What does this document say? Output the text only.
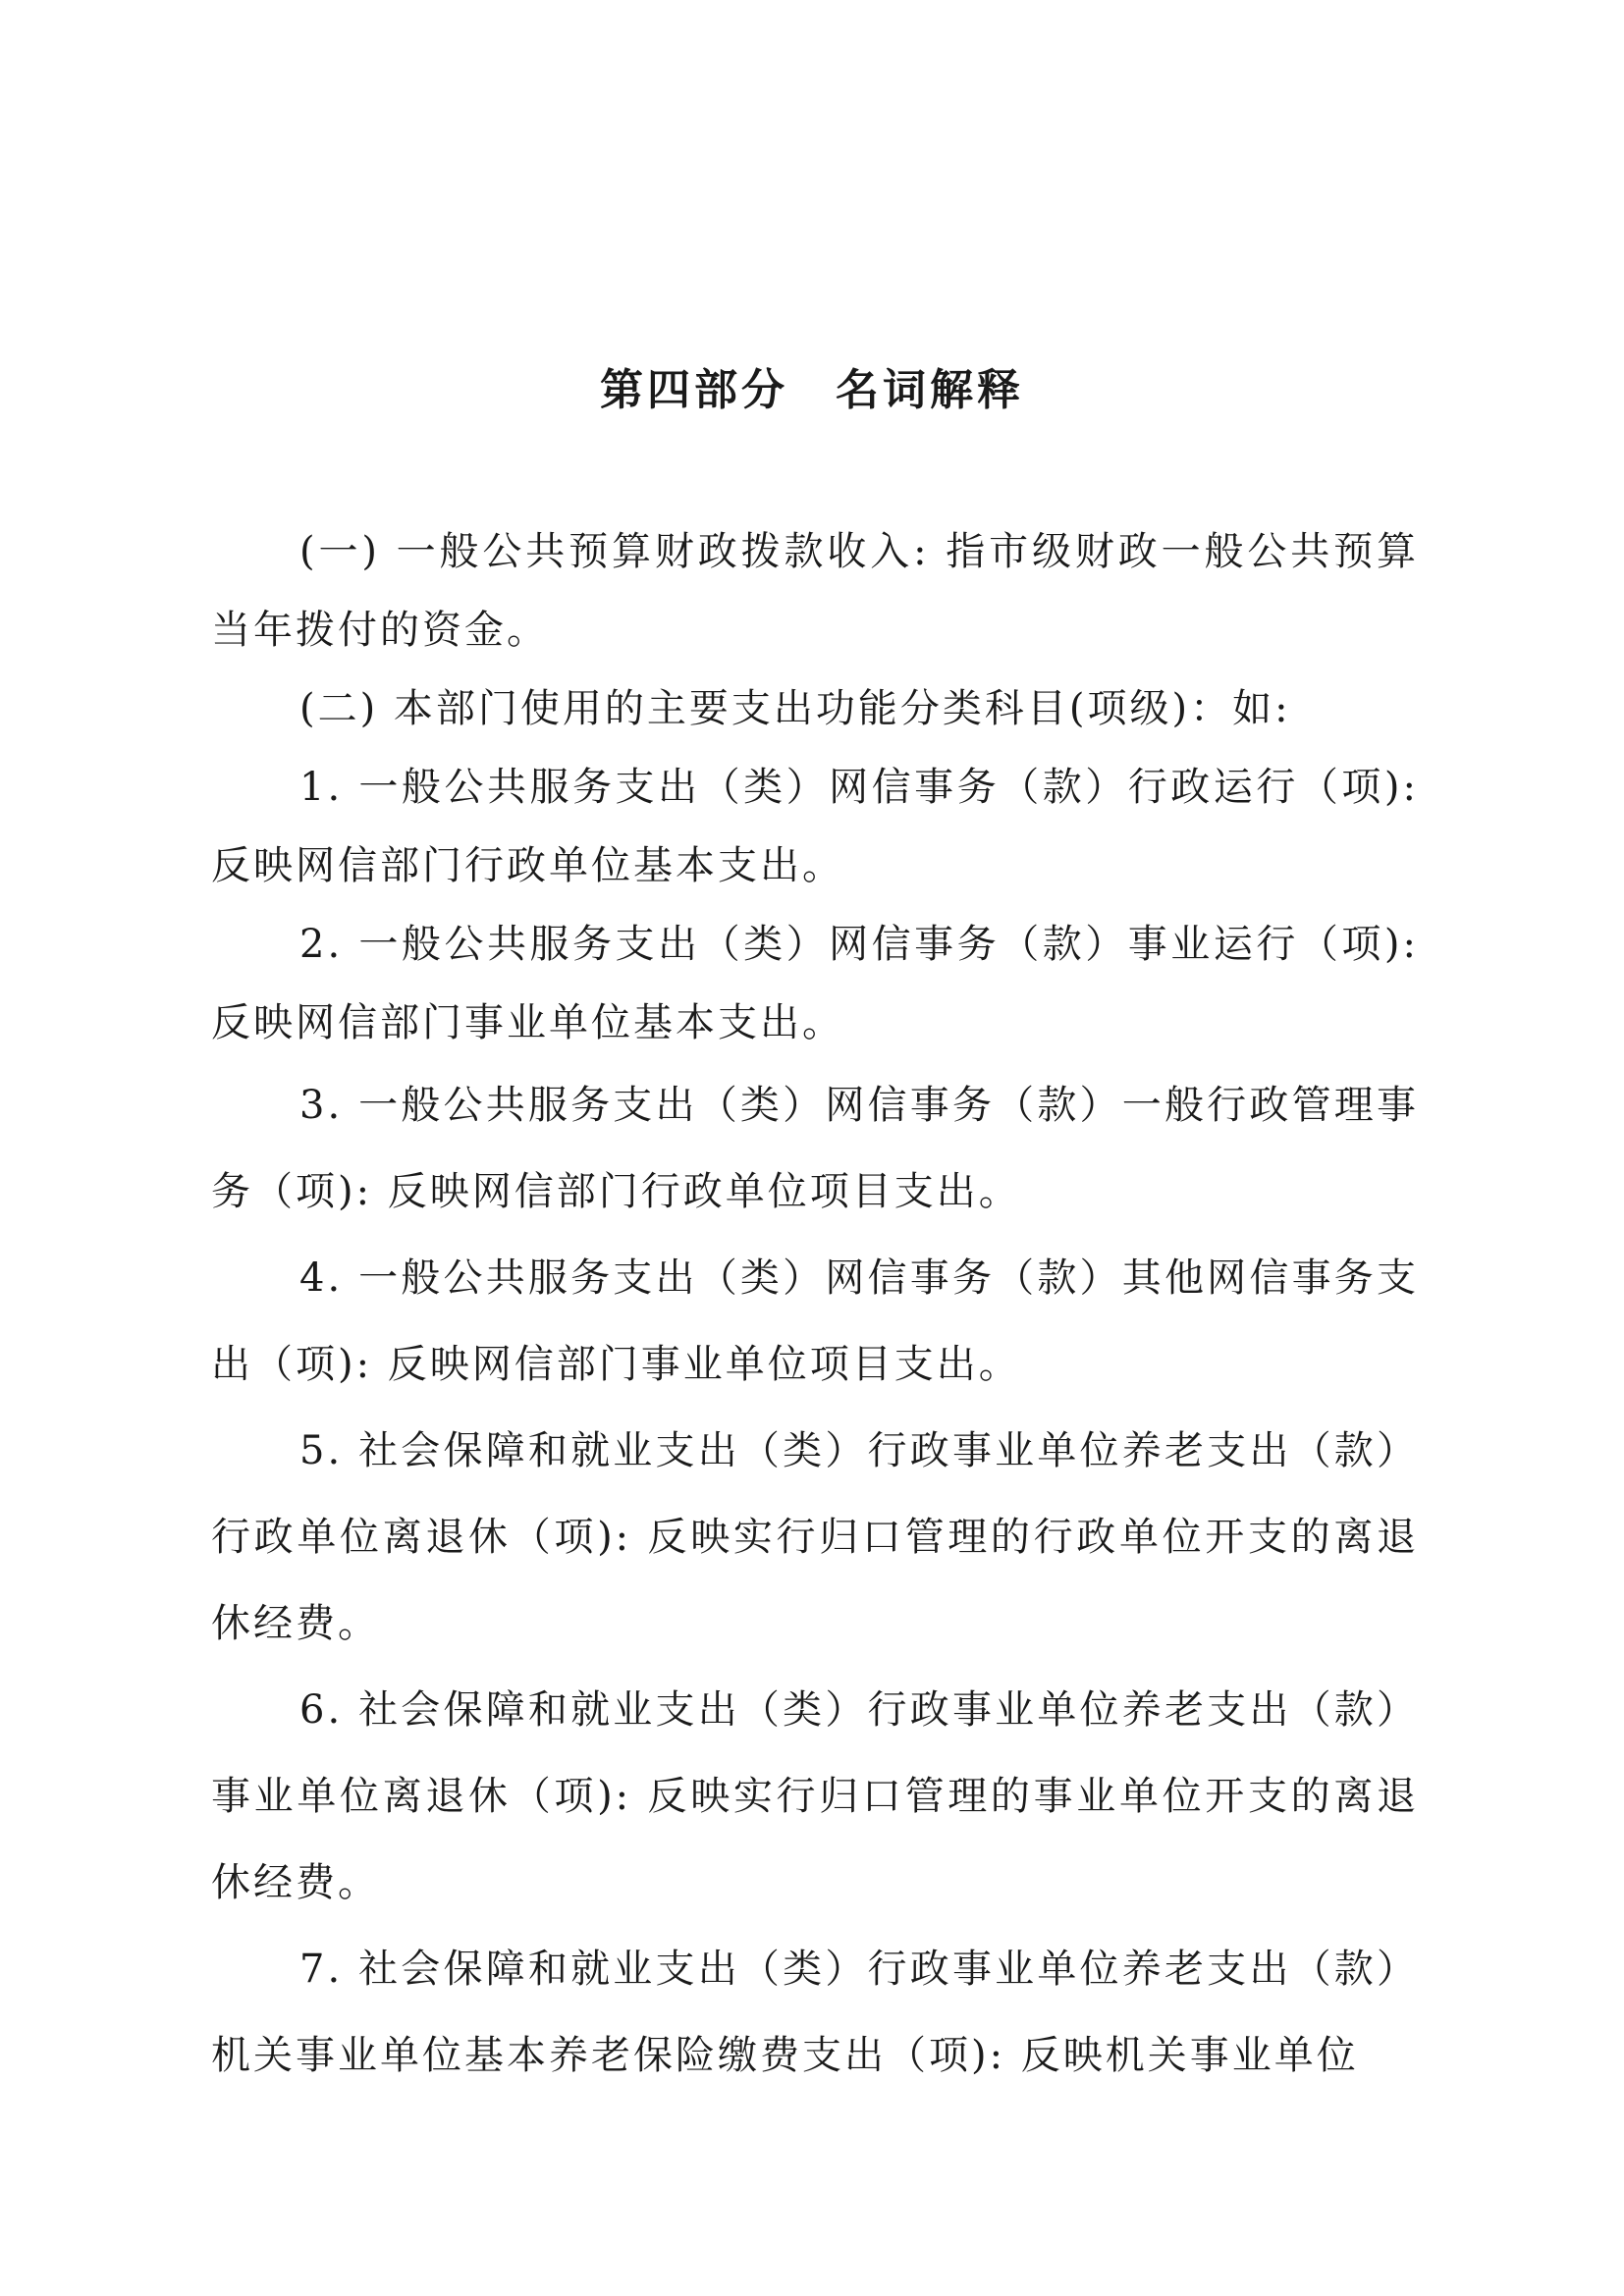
第四部分　名词解释

(一) 一般公共预算财政拨款收入: 指市级财政一般公共预算当年拨付的资金。

(二) 本部门使用的主要支出功能分类科目(项级)：如:

1. 一般公共服务支出（类）网信事务（款）行政运行（项):反映网信部门行政单位基本支出。

2. 一般公共服务支出（类）网信事务（款）事业运行（项):反映网信部门事业单位基本支出。

3. 一般公共服务支出（类）网信事务（款）一般行政管理事务（项): 反映网信部门行政单位项目支出。

4. 一般公共服务支出（类）网信事务（款）其他网信事务支出（项): 反映网信部门事业单位项目支出。

5. 社会保障和就业支出（类）行政事业单位养老支出（款）行政单位离退休（项): 反映实行归口管理的行政单位开支的离退休经费。

6. 社会保障和就业支出（类）行政事业单位养老支出（款）事业单位离退休（项): 反映实行归口管理的事业单位开支的离退休经费。

7. 社会保障和就业支出（类）行政事业单位养老支出（款）机关事业单位基本养老保险缴费支出（项): 反映机关事业单位
